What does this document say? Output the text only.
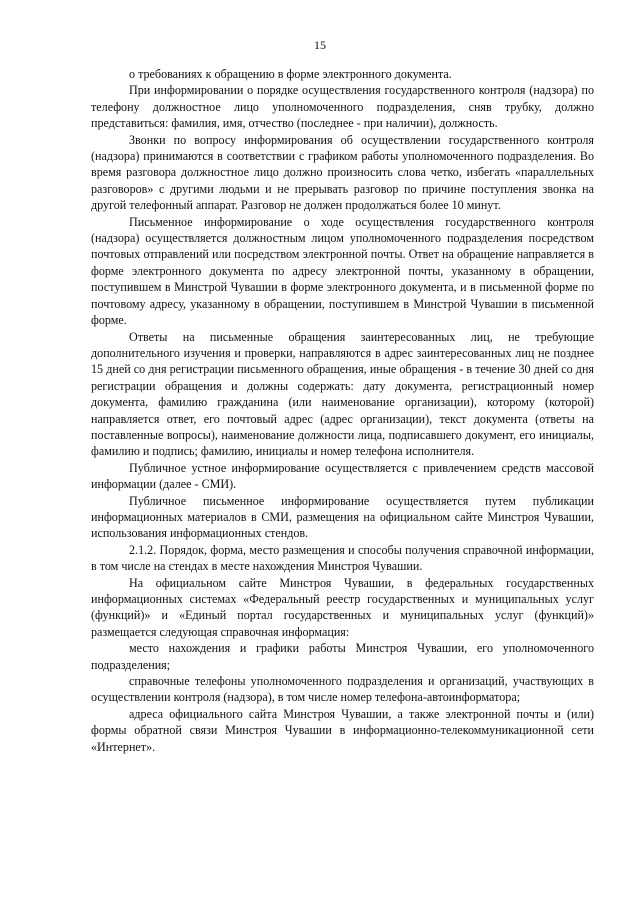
15

о требованиях к обращению в форме электронного документа.

При информировании о порядке осуществления государственного контроля (надзора) по телефону должностное лицо уполномоченного подразделения, сняв трубку, должно представиться: фамилия, имя, отчество (последнее - при наличии), должность.

Звонки по вопросу информирования об осуществлении государственного контроля (надзора) принимаются в соответствии с графиком работы уполномоченного подразделения. Во время разговора должностное лицо должно произносить слова четко, избегать «параллельных разговоров» с другими людьми и не прерывать разговор по причине поступления звонка на другой телефонный аппарат. Разговор не должен продолжаться более 10 минут.

Письменное информирование о ходе осуществления государственного контроля (надзора) осуществляется должностным лицом уполномоченного подразделения посредством почтовых отправлений или посредством электронной почты. Ответ на обращение направляется в форме электронного документа по адресу электронной почты, указанному в обращении, поступившем в Минстрой Чувашии в форме электронного документа, и в письменной форме по почтовому адресу, указанному в обращении, поступившем в Минстрой Чувашии в письменной форме.

Ответы на письменные обращения заинтересованных лиц, не требующие дополнительного изучения и проверки, направляются в адрес заинтересованных лиц не позднее 15 дней со дня регистрации письменного обращения, иные обращения - в течение 30 дней со дня регистрации обращения и должны содержать: дату документа, регистрационный номер документа, фамилию гражданина (или наименование организации), которому (которой) направляется ответ, его почтовый адрес (адрес организации), текст документа (ответы на поставленные вопросы), наименование должности лица, подписавшего документ, его инициалы, фамилию и подпись; фамилию, инициалы и номер телефона исполнителя.

Публичное устное информирование осуществляется с привлечением средств массовой информации (далее - СМИ).

Публичное письменное информирование осуществляется путем публикации информационных материалов в СМИ, размещения на официальном сайте Минстроя Чувашии, использования информационных стендов.

2.1.2. Порядок, форма, место размещения и способы получения справочной информации, в том числе на стендах в месте нахождения Минстроя Чувашии.

На официальном сайте Минстроя Чувашии, в федеральных государственных информационных системах «Федеральный реестр государственных и муниципальных услуг (функций)» и «Единый портал государственных и муниципальных услуг (функций)» размещается следующая справочная информация:

место нахождения и графики работы Минстроя Чувашии, его уполномоченного подразделения;

справочные телефоны уполномоченного подразделения и организаций, участвующих в осуществлении контроля (надзора), в том числе номер телефона-автоинформатора;

адреса официального сайта Минстроя Чувашии, а также электронной почты и (или) формы обратной связи Минстроя Чувашии в информационно-телекоммуникационной сети «Интернет».
